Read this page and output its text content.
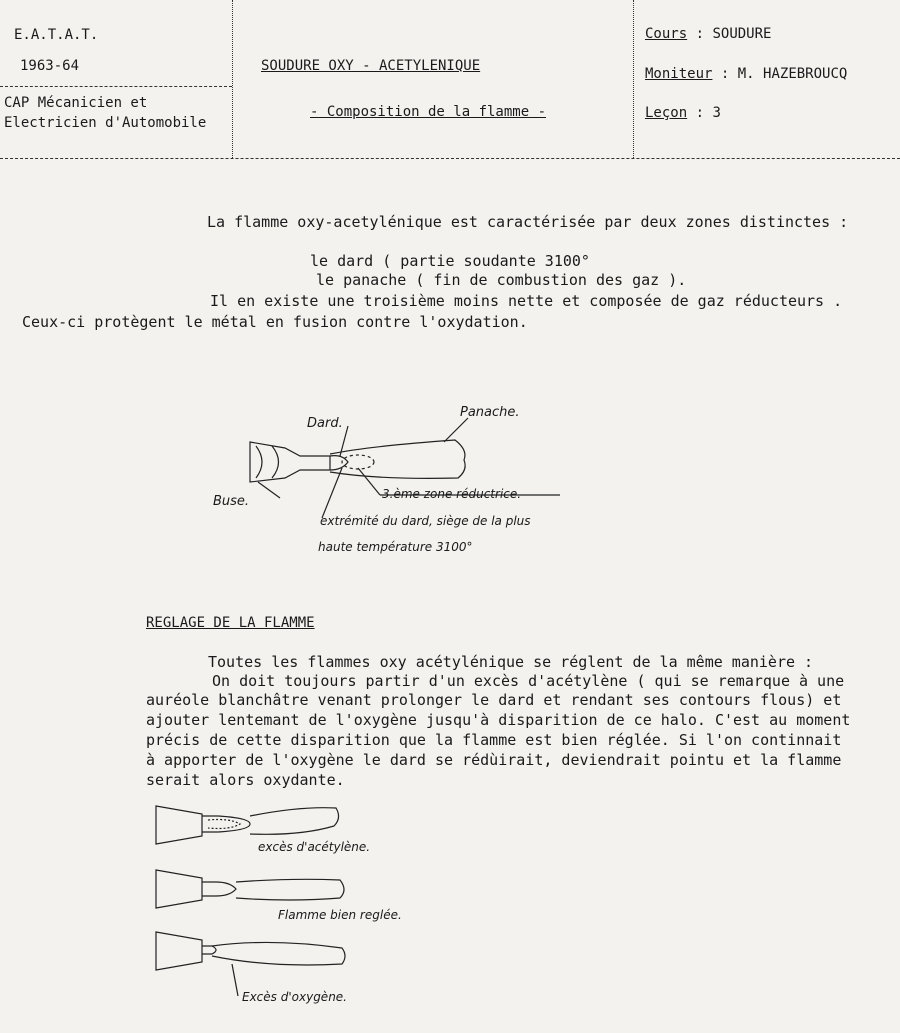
E.A.T.A.T.
1963-64
CAP Mécanicien et
Electricien d'Automobile
SOUDURE OXY - ACETYLENIQUE
- Composition de la flamme -
Cours : SOUDURE
Moniteur : M. HAZEBROUCQ
Leçon : 3
La flamme oxy-acetylénique est caractérisée par deux zones distinctes :
le dard ( partie soudante 3100°
le panache ( fin de combustion des gaz ).
Il en existe une troisième moins nette et composée de gaz réducteurs .
Ceux-ci protègent le métal en fusion contre l'oxydation.
Dard.
Panache.
Buse.	3.ème zone réductrice.
extrémité du dard, siège de la plus
haute température 3100°
REGLAGE DE LA FLAMME
Toutes les flammes oxy acétylénique se réglent de la même manière :
On doit toujours partir d'un excès d'acétylène ( qui se remarque à une
auréole blanchâtre venant prolonger le dard et rendant ses contours flous) et
ajouter lentemant de l'oxygène jusqu'à disparition de ce halo. C'est au moment
précis de cette disparition que la flamme est bien réglée. Si l'on continnait
à apporter de l'oxygène le dard se rédùirait, deviendrait pointu et la flamme
serait alors oxydante.
excès d'acétylène.
Flamme bien reglée.
Excès d'oxygène.
